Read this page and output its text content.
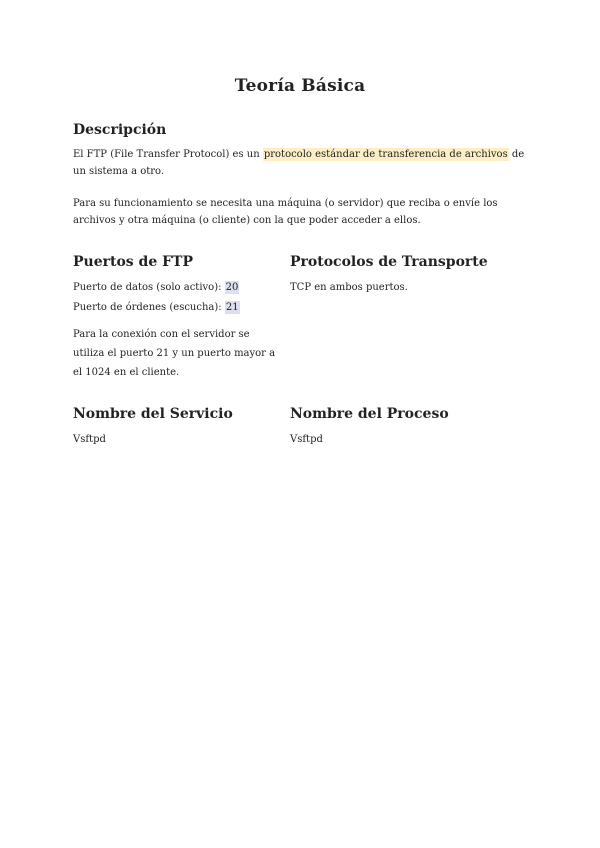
Teoría Básica
Descripción

El FTP (File Transfer Protocol) es un protocolo estándar de transferencia de archivos de un sistema a otro.

Para su funcionamiento se necesita una máquina (o servidor) que reciba o envíe los archivos y otra máquina (o cliente) con la que poder acceder a ellos.

Puertos de FTP

Puerto de datos (solo activo): 20

Puerto de órdenes (escucha): 21

Para la conexión con el servidor se utiliza el puerto 21 y un puerto mayor a el 1024 en el cliente.

Protocolos de Transporte

TCP en ambos puertos.

Nombre del Servicio

Vsftpd

Nombre del Proceso

Vsftpd
